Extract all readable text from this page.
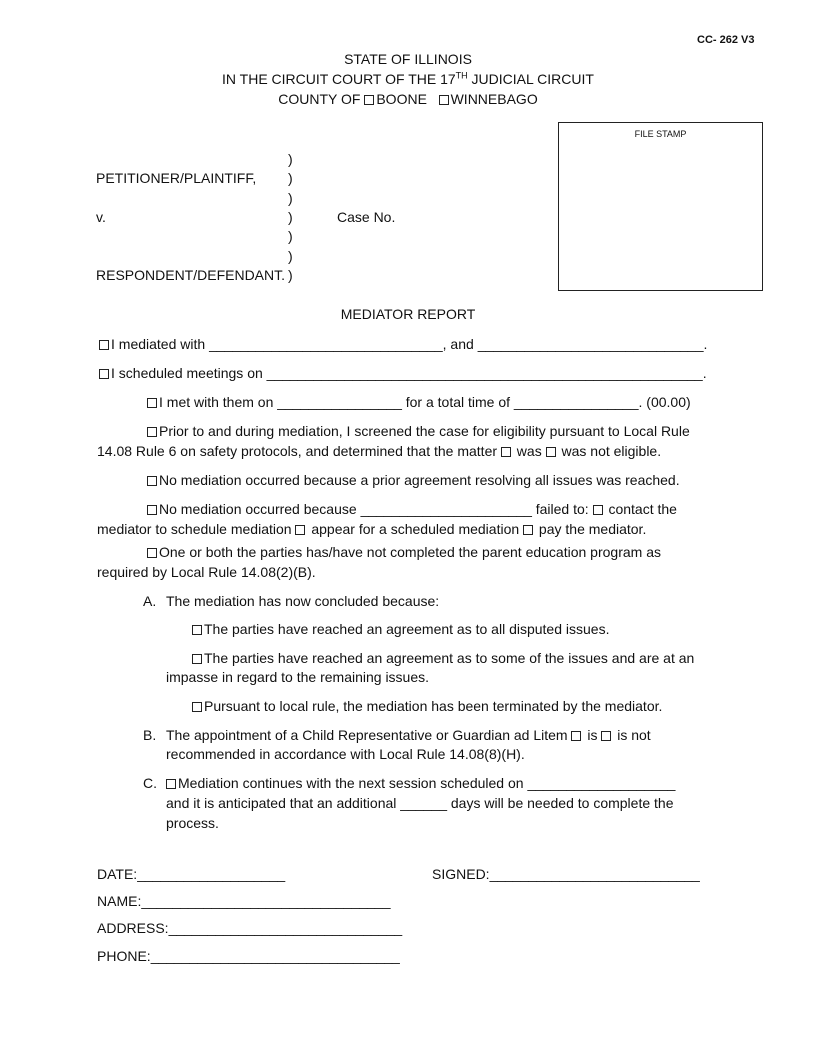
CC- 262 V3
STATE OF ILLINOIS
IN THE CIRCUIT COURT OF THE 17TH JUDICIAL CIRCUIT
COUNTY OF BOONE WINNEBAGO
FILE STAMP
)
)
)
)
)
)
)
PETITIONER/PLAINTIFF,
v.	Case No.
RESPONDENT/DEFENDANT.
MEDIATOR REPORT
I mediated with ______________________________, and _____________________________.
I scheduled meetings on ________________________________________________________.
I met with them on ________________ for a total time of ________________. (00.00)
Prior to and during mediation, I screened the case for eligibility pursuant to Local Rule
14.08 Rule 6 on safety protocols, and determined that the matter  was  was not eligible.
No mediation occurred because a prior agreement resolving all issues was reached.
No mediation occurred because ______________________ failed to:  contact the
mediator to schedule mediation  appear for a scheduled mediation  pay the mediator.
One or both the parties has/have not completed the parent education program as
required by Local Rule 14.08(2)(B).
A. The mediation has now concluded because:
The parties have reached an agreement as to all disputed issues.
The parties have reached an agreement as to some of the issues and are at an
impasse in regard to the remaining issues.
Pursuant to local rule, the mediation has been terminated by the mediator.
B. The appointment of a Child Representative or Guardian ad Litem  is  is not
recommended in accordance with Local Rule 14.08(8)(H).
C.	Mediation continues with the next session scheduled on ___________________
and it is anticipated that an additional ______ days will be needed to complete the
process.
DATE:___________________	SIGNED:___________________________
NAME:________________________________
ADDRESS:______________________________
PHONE:________________________________
